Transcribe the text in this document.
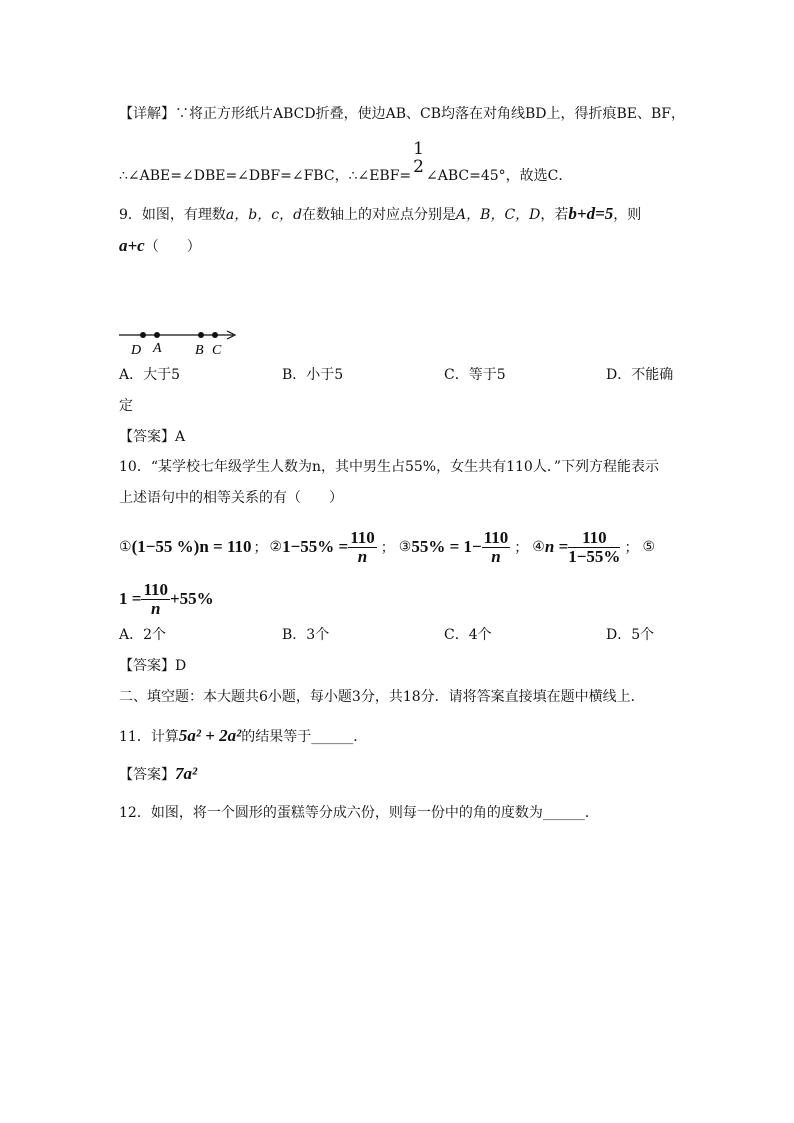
【详解】∵将正方形纸片ABCD折叠，使边AB、CB均落在对角线BD上，得折痕BE、BF，
∴∠ABE=∠DBE=∠DBF=∠FBC，∴∠EBF=
1
2 ∠ABC=45°，故选C．
9．如图，有理数a，b，c，d在数轴上的对应点分别是A，B，C，D，若b+d=5，则
a+c（　　）
D A B C
A．大于5	B．小于5	C．等于5	D．不能确
定
【答案】A
10．“某学校七年级学生人数为n，其中男生占55%，女生共有110人．”下列方程能表示
上述语句中的相等关系的有（　　）
① (1−55 %)n = 110 ； ② $1-55\% = \frac{110}{n}$ ； ③ $55\% = 1- \frac{110}{n}$ ； ④ $n = \frac{110}{1-55\%}$ ； ⑤
$1 = \frac{110}{n} +55\%$
A．2个	B．3个	C．4个	D．5个
【答案】D
二、填空题：本大题共6小题，每小题3分，共18分．请将答案直接填在题中横线上．
11．计算5a² + 2a²的结果等于______．
【答案】7a²
12．如图，将一个圆形的蛋糕等分成六份，则每一份中的角的度数为______．
